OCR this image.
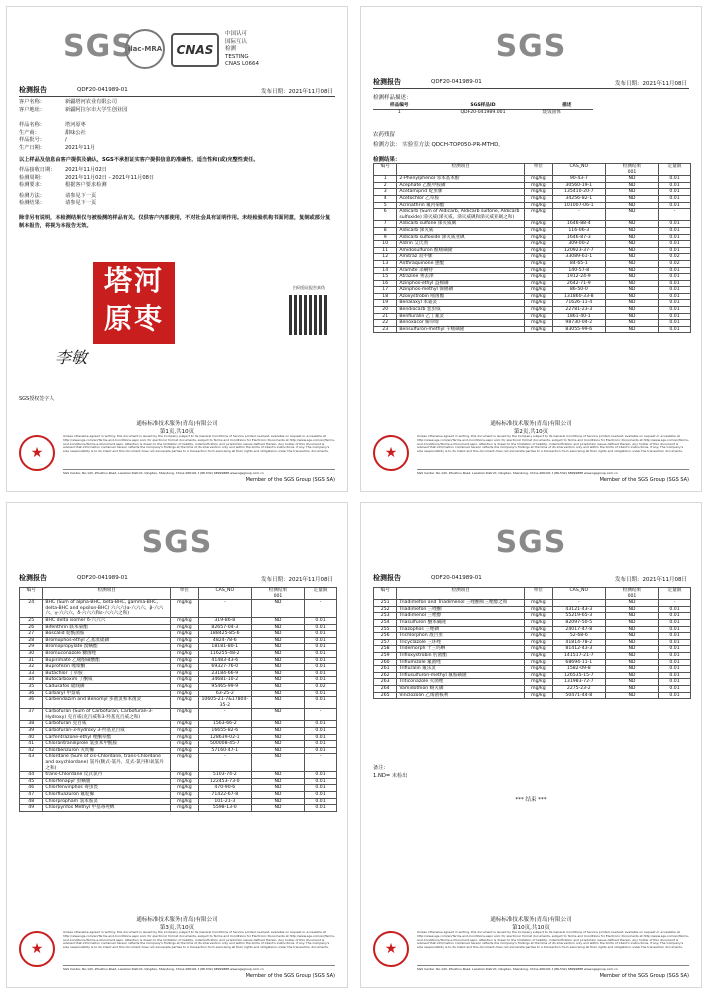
SGS
ilac-MRA	CNAS
中国认可
国际互认
检测
TESTING
CNAS L0664
检测报告	QDF20-041989-01	发布日期：2021年11月08日
客户名称：	新疆塔河农业有限公司
客户地址：	新疆阿拉尔市大学生创业园
样品名称：	塔河原枣
生产商：	甜味公社
样品批号：	/
生产日期：	2021年11月
以上样品及信息由客户提供及确认，SGS不承担证实客户提供信息的准确性、适当性和(或)完整性责任。
样品接收日期： 2021年11月02日
检测周期：	2021年11月02日 - 2021年11月08日
检测要求：	根据客户要求检测
检测方法：	请参见下一页
检测结果：	请参见下一页
除非另有说明，本检测结果仅与被检测的样品有关。仅供客户内部使用，不对社会具有证明作用。未经检验机构书面同意，复制或部分复制本报告，将视为本报告无效。
塔河
原枣
扫码验证报告真伪
李敏
SGS授权签字人
通标标准技术服务(青岛)有限公司
第1页,共10页
★
Unless otherwise agreed in writing, this document is issued by the Company subject to its General Conditions of Service printed overleaf, available on request or accessible at http://www.sgs.com/en/Terms-and-Conditions.aspx and, for electronic format documents, subject to Terms and Conditions for Electronic Documents at http://www.sgs.com/en/Terms-and-Conditions/Terms-e-Document.aspx. Attention is drawn to the limitation of liability, indemnification and jurisdiction issues defined therein. Any holder of this document is advised that information contained hereon reflects the Company's findings at the time of its intervention only and within the limits of Client's instructions, if any. The Company's sole responsibility is to its Client and this document does not exonerate parties to a transaction from exercising all their rights and obligations under the transaction documents.
SGS Center, No.143, Zhuzhou Road, Laoshan District, Qingdao, Shandong, China 266101 t (86-532) 68999888 www.sgsgroup.com.cn
Member of the SGS Group (SGS SA)
SGS
检测报告	QDF20-041989-01	发布日期：2021年11月08日
检测样品描述：
样品编号	SGS样品ID	描述
1	QDF20-041989.001	烧饭固体
农药残留
检测方法： 实验室方法 QDCH-TOP050-PR-MTHD。
检测结果：
编号	检测项目	单位	CAS_NO	检测结果
001	定量限
1	2-Phenylphenol 邻苯基苯酚	mg/kg	90-43-7	ND	0.01
2	Acephate 乙酰甲胺磷	mg/kg	30560-19-1	ND	0.01
3	Acetamiprid 啶虫脒	mg/kg	135410-20-7	ND	0.01
4	Acetochlor 乙草胺	mg/kg	34256-82-1	ND	0.01
5	Acrinathrin 氟丙菊酯	mg/kg	101007-06-1	ND	0.01
6	Aldicarb (Sum of Aldicarb, Aldicarb sulfone, Aldicarb sulfoxide) 涕灭威(涕灭威、涕灭威砜和涕灭威亚砜之和)	mg/kg	-	ND	-
7	Aldicarb sulfone 涕灭威砜	mg/kg	1646-88-4	ND	0.01
8	Aldicarb 涕灭威	mg/kg	116-06-3	ND	0.01
9	Aldicarb sulfoxide 涕灭威亚砜	mg/kg	1646-87-3	ND	0.01
10	Aldrin 艾氏剂	mg/kg	309-00-2	ND	0.01
11	Amidosulfuron 酰嘧磺隆	mg/kg	120923-37-7	ND	0.01
12	Amitraz 双甲脒	mg/kg	33089-61-1	ND	0.02
13	Anthraquinone 蒽醌	mg/kg	84-65-1	ND	0.02
14	Aramite 杀螨特	mg/kg	140-57-8	ND	0.01
15	Atrazine 莠去津	mg/kg	1912-24-9	ND	0.01
16	Azinphos-ethyl 益棉磷	mg/kg	2642-71-9	ND	0.01
17	Azinphos-methyl 保棉磷	mg/kg	86-50-0	ND	0.01
18	Azoxystrobin 嘧菌酯	mg/kg	131860-33-8	ND	0.01
19	Benalaxyl 苯霜灵	mg/kg	71626-11-4	ND	0.01
20	Bendiocarb 恶虫威	mg/kg	22781-23-3	ND	0.01
21	Benfluralin 乙丁氟灵	mg/kg	1861-40-1	ND	0.01
22	Benoxacor 解草嗪	mg/kg	98730-04-2	ND	0.01
23	Bensulfuron-methyl 苄嘧磺隆	mg/kg	83055-99-6	ND	0.01
通标标准技术服务(青岛)有限公司
第2页,共10页
★
Unless otherwise agreed in writing, this document is issued by the Company subject to its General Conditions of Service printed overleaf, available on request or accessible at http://www.sgs.com/en/Terms-and-Conditions.aspx and, for electronic format documents, subject to Terms and Conditions for Electronic Documents at http://www.sgs.com/en/Terms-and-Conditions/Terms-e-Document.aspx. Attention is drawn to the limitation of liability, indemnification and jurisdiction issues defined therein. Any holder of this document is advised that information contained hereon reflects the Company's findings at the time of its intervention only and within the limits of Client's instructions, if any. The Company's sole responsibility is to its Client and this document does not exonerate parties to a transaction from exercising all their rights and obligations under the transaction documents.
SGS Center, No.143, Zhuzhou Road, Laoshan District, Qingdao, Shandong, China 266101 t (86-532) 68999888 www.sgsgroup.com.cn
Member of the SGS Group (SGS SA)
SGS
检测报告	QDF20-041989-01	发布日期：2021年11月08日
编号	检测项目	单位	CAS_NO	检测结果
001	定量限
24	BHC (Sum of alpha-BHC, beta-BHC, gamma-BHC, delta-BHC and epsilon-BHC) 六六六(α-六六六、β-六六六、γ-六六六、δ-六六六和ε-六六六之和)	mg/kg	-	ND	-
25	BHC delta isomer δ-六六六	mg/kg	319-86-8	ND	0.01
26	Bifenthrin 联苯菊酯	mg/kg	82657-04-3	ND	0.01
27	Boscalid 啶酰菌胺	mg/kg	188425-85-6	ND	0.01
28	Bromophos-ethyl 乙基溴硫磷	mg/kg	4824-78-6	ND	0.01
29	Bromopropylate 溴螨酯	mg/kg	18181-80-1	ND	0.01
30	Bromuconazole 糠菌唑	mg/kg	116255-48-2	ND	0.01
31	Bupirimate 乙嘧酚磺酸酯	mg/kg	41483-43-6	ND	0.01
32	Buprofezin 噻嗪酮	mg/kg	69327-76-0	ND	0.01
33	Butachlor 丁草胺	mg/kg	23184-66-9	ND	0.01
34	Butocarboxim 丁酮威	mg/kg	34681-10-2	ND	0.01
35	Cadusafos 硫线磷	mg/kg	95465-99-9	ND	0.02
36	Carbaryl 甲萘威	mg/kg	63-25-2	ND	0.01
36	Carbendazim and Benomyl 多菌灵和苯菌灵	mg/kg	10605-21-7&17804-35-2	ND	0.01
37	Carbofuran (Sum of Carbofuran, Carbofuran-3-Hydroxy) 克百威(克百威和3-羟基克百威之和)	mg/kg	-	ND	-
38	Carbofuran 克百威	mg/kg	1563-66-2	ND	0.01
39	Carbofuran-3-hydroxy 3-羟基克百威	mg/kg	16655-82-6	ND	0.01
40	Carfentrazone-ethyl 唑酮草酯	mg/kg	128639-02-1	ND	0.01
41	Chlorantraniliprole 氯虫苯甲酰胺	mg/kg	500008-45-7	ND	0.01
42	Chlorbenzuron 灭幼脲	mg/kg	57160-47-1	ND	0.01
43	Chlordane (Sum of cis-Chlordane, trans-Chlordane and oxychlordane) 氯丹(顺式-氯丹、反式-氯丹和氧氯丹之和)	mg/kg	-	ND	-
44	trans-Chlordane 反式氯丹	mg/kg	5103-74-2	ND	0.01
45	Chlorfenapyr 虫螨腈	mg/kg	122453-73-0	ND	0.01
46	Chlorfenvinphos 毒虫畏	mg/kg	470-90-6	ND	0.01
47	Chlorfluazuron 氟啶脲	mg/kg	71422-67-8	ND	0.01
48	Chlorpropham 氯苯胺灵	mg/kg	101-21-3	ND	0.01
49	Chlorpyrifos Methyl 甲基毒死蜱	mg/kg	5598-13-0	ND	0.01
通标标准技术服务(青岛)有限公司
第3页,共10页
★
Unless otherwise agreed in writing, this document is issued by the Company subject to its General Conditions of Service printed overleaf, available on request or accessible at http://www.sgs.com/en/Terms-and-Conditions.aspx and, for electronic format documents, subject to Terms and Conditions for Electronic Documents at http://www.sgs.com/en/Terms-and-Conditions/Terms-e-Document.aspx. Attention is drawn to the limitation of liability, indemnification and jurisdiction issues defined therein. Any holder of this document is advised that information contained hereon reflects the Company's findings at the time of its intervention only and within the limits of Client's instructions, if any. The Company's sole responsibility is to its Client and this document does not exonerate parties to a transaction from exercising all their rights and obligations under the transaction documents.
SGS Center, No.143, Zhuzhou Road, Laoshan District, Qingdao, Shandong, China 266101 t (86-532) 68999888 www.sgsgroup.com.cn
Member of the SGS Group (SGS SA)
SGS
检测报告	QDF20-041989-01	发布日期：2021年11月08日
编号	检测项目	单位	CAS_NO	检测结果
001	定量限
251	Triadimefon and Triadimenol 三唑酮和三唑醇之和	mg/kg	-	ND	-
252	Triadimefon 三唑酮	mg/kg	43121-43-3	ND	0.01
253	Triadimenol 三唑醇	mg/kg	55219-65-3	ND	0.01
254	Triasulfuron 醚苯磺隆	mg/kg	82097-50-5	ND	0.01
255	Triazophos 三唑磷	mg/kg	24017-47-8	ND	0.01
256	Trichlorphon 敌百虫	mg/kg	52-68-6	ND	0.01
257	Tricyclazole 三环唑	mg/kg	41814-78-2	ND	0.01
258	Tridemorph 十三吗啉	mg/kg	81412-43-3	ND	0.01
259	Trifloxystrobin 肟菌酯	mg/kg	141517-21-7	ND	0.01
260	Triflumizole 氟菌唑	mg/kg	68694-11-1	ND	0.01
261	Trifluralin 氟乐灵	mg/kg	1582-09-8	ND	0.01
262	Triflusulfuron-methyl 氟胺磺隆	mg/kg	126535-15-7	ND	0.01
263	Triticonazole 灭菌唑	mg/kg	131983-72-7	ND	0.01
264	Vamidothion 蚜灭磷	mg/kg	2275-23-2	ND	0.01
265	Vinclozolin 乙烯菌核利	mg/kg	50471-44-8	ND	0.01
备注：
1.ND= 未检出
*** 结束 ***
通标标准技术服务(青岛)有限公司
第10页,共10页
★
Unless otherwise agreed in writing, this document is issued by the Company subject to its General Conditions of Service printed overleaf, available on request or accessible at http://www.sgs.com/en/Terms-and-Conditions.aspx and, for electronic format documents, subject to Terms and Conditions for Electronic Documents at http://www.sgs.com/en/Terms-and-Conditions/Terms-e-Document.aspx. Attention is drawn to the limitation of liability, indemnification and jurisdiction issues defined therein. Any holder of this document is advised that information contained hereon reflects the Company's findings at the time of its intervention only and within the limits of Client's instructions, if any. The Company's sole responsibility is to its Client and this document does not exonerate parties to a transaction from exercising all their rights and obligations under the transaction documents.
SGS Center, No.143, Zhuzhou Road, Laoshan District, Qingdao, Shandong, China 266101 t (86-532) 68999888 www.sgsgroup.com.cn
Member of the SGS Group (SGS SA)
